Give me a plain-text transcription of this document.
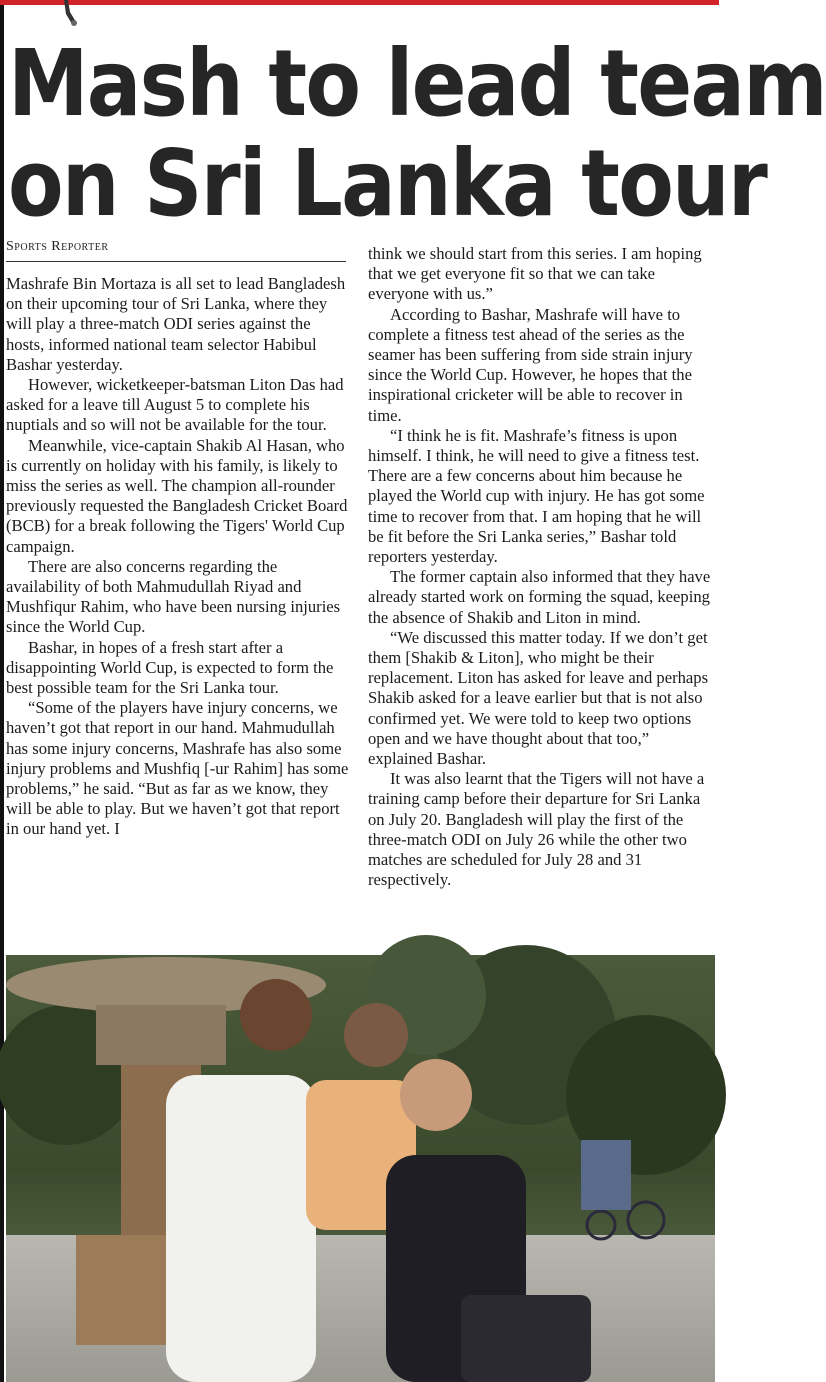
Mash to lead team
on Sri Lanka tour
Sports Reporter

Mashrafe Bin Mortaza is all set to lead Bangladesh on their upcoming tour of Sri Lanka, where they will play a three-match ODI series against the hosts, informed national team selector Habibul Bashar yesterday.

However, wicketkeeper-batsman Liton Das had asked for a leave till August 5 to complete his nuptials and so will not be available for the tour.

Meanwhile, vice-captain Shakib Al Hasan, who is currently on holiday with his family, is likely to miss the series as well. The champion all-rounder previously requested the Bangladesh Cricket Board (BCB) for a break following the Tigers' World Cup campaign.

There are also concerns regarding the availability of both Mahmudullah Riyad and Mushfiqur Rahim, who have been nursing injuries since the World Cup.

Bashar, in hopes of a fresh start after a disappointing World Cup, is expected to form the best possible team for the Sri Lanka tour.

“Some of the players have injury concerns, we haven’t got that report in our hand. Mahmudullah has some injury concerns, Mashrafe has also some injury problems and Mushfiq [-ur Rahim] has some problems,” he said. “But as far as we know, they will be able to play. But we haven’t got that report in our hand yet. I

think we should start from this series. I am hoping that we get everyone fit so that we can take everyone with us.”

According to Bashar, Mashrafe will have to complete a fitness test ahead of the series as the seamer has been suffering from side strain injury since the World Cup. However, he hopes that the inspirational cricketer will be able to recover in time.

“I think he is fit. Mashrafe’s fitness is upon himself. I think, he will need to give a fitness test. There are a few concerns about him because he played the World cup with injury. He has got some time to recover from that. I am hoping that he will be fit before the Sri Lanka series,” Bashar told reporters yesterday.

The former captain also informed that they have already started work on forming the squad, keeping the absence of Shakib and Liton in mind.

“We discussed this matter today. If we don’t get them [Shakib & Liton], who might be their replacement. Liton has asked for leave and perhaps Shakib asked for a leave earlier but that is not also confirmed yet. We were told to keep two options open and we have thought about that too,” explained Bashar.

It was also learnt that the Tigers will not have a training camp before their departure for Sri Lanka on July 20. Bangladesh will play the first of the three-match ODI on July 26 while the other two matches are scheduled for July 28 and 31 respectively.
